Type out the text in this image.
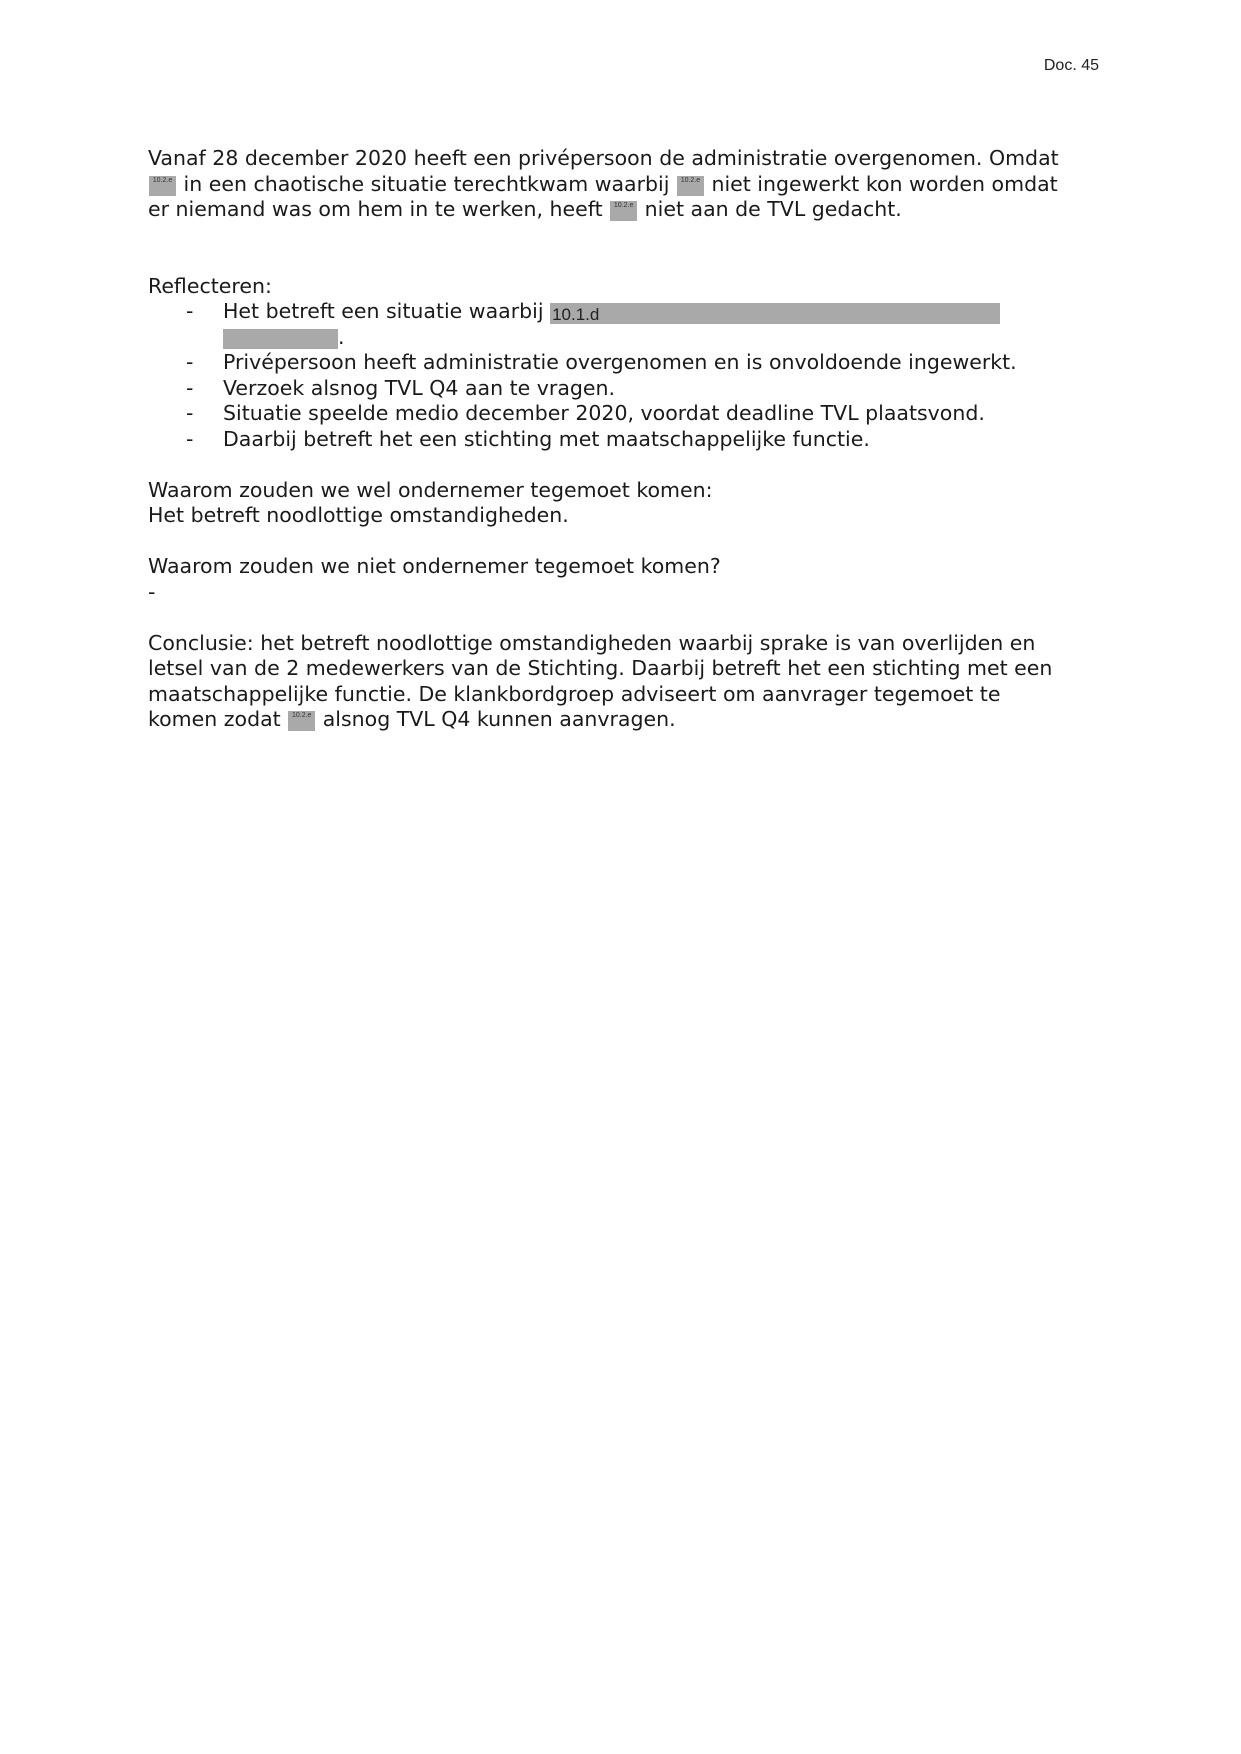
Doc. 45
Vanaf 28 december 2020 heeft een privépersoon de administratie overgenomen. Omdat
10.2.e in een chaotische situatie terechtkwam waarbij 10.2.e niet ingewerkt kon worden omdat
er niemand was om hem in te werken, heeft 10.2.e niet aan de TVL gedacht.
Reflecteren:
- Het betreft een situatie waarbij 10.1.d
.
- Privépersoon heeft administratie overgenomen en is onvoldoende ingewerkt.
- Verzoek alsnog TVL Q4 aan te vragen.
- Situatie speelde medio december 2020, voordat deadline TVL plaatsvond.
- Daarbij betreft het een stichting met maatschappelijke functie.
Waarom zouden we wel ondernemer tegemoet komen:
Het betreft noodlottige omstandigheden.
Waarom zouden we niet ondernemer tegemoet komen?
-
Conclusie: het betreft noodlottige omstandigheden waarbij sprake is van overlijden en
letsel van de 2 medewerkers van de Stichting. Daarbij betreft het een stichting met een
maatschappelijke functie. De klankbordgroep adviseert om aanvrager tegemoet te
komen zodat 10.2.e alsnog TVL Q4 kunnen aanvragen.
